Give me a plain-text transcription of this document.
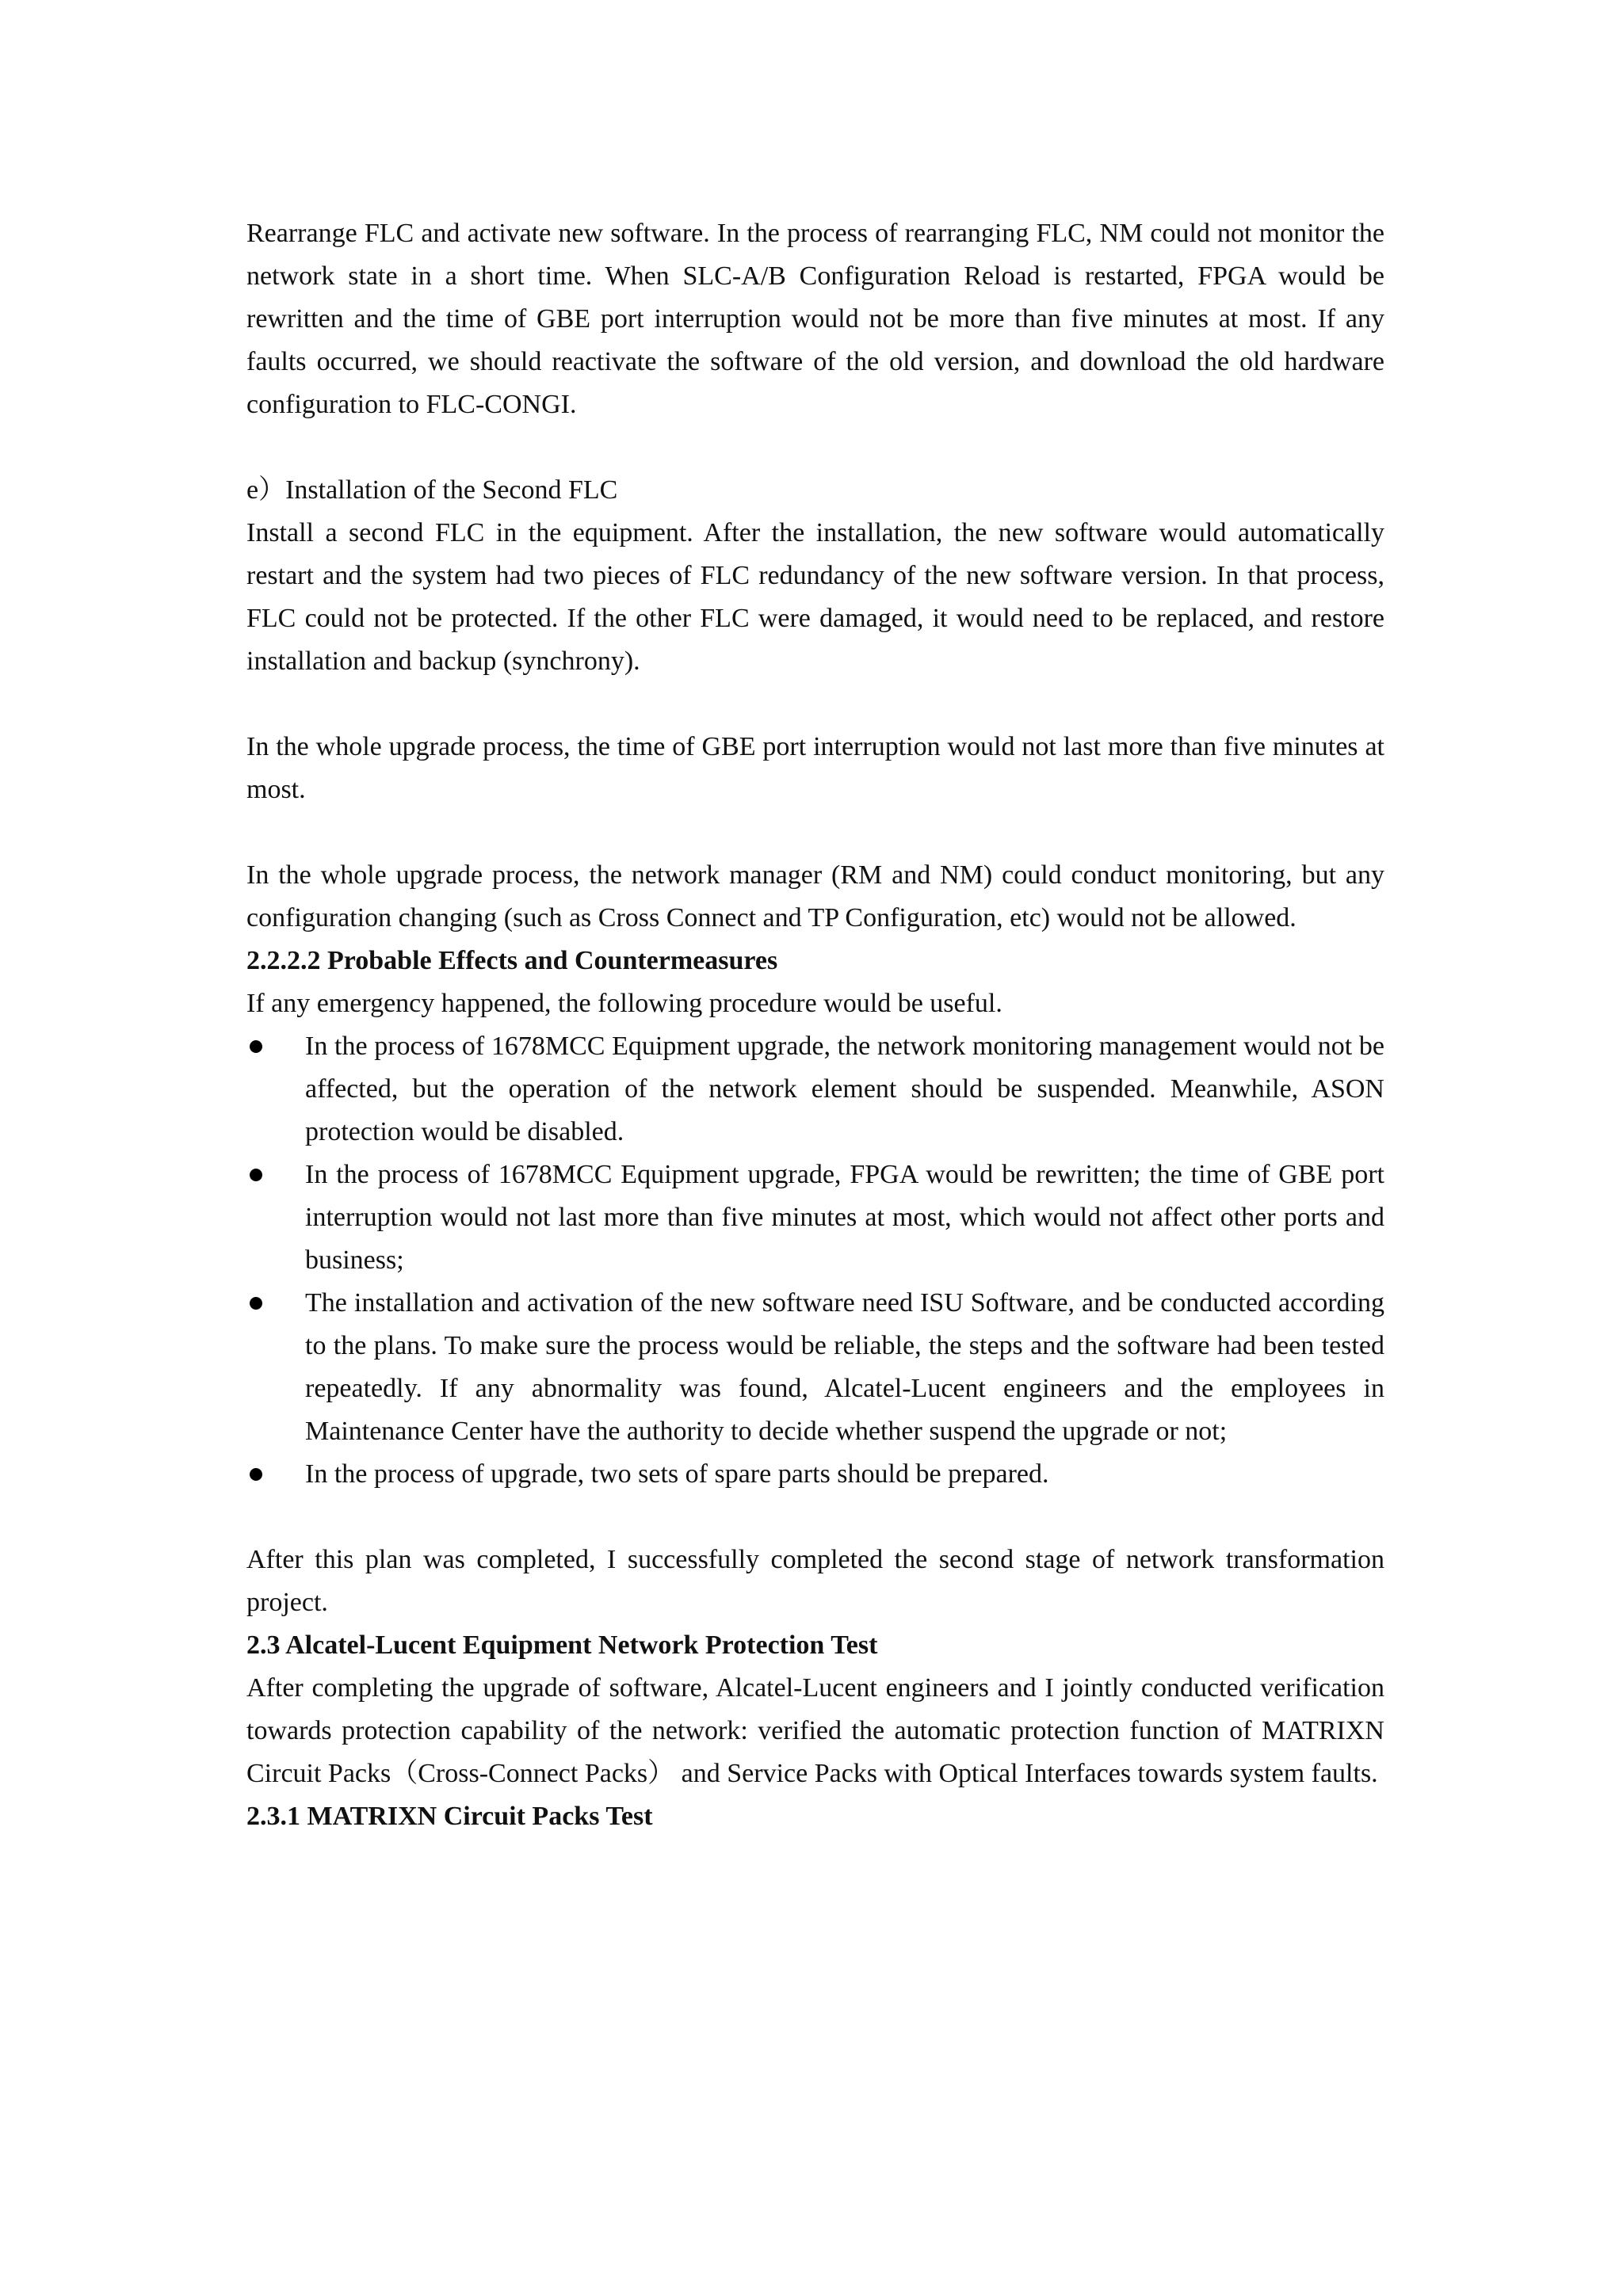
Rearrange FLC and activate new software. In the process of rearranging FLC, NM could not monitor the network state in a short time. When SLC-A/B Configuration Reload is restarted, FPGA would be rewritten and the time of GBE port interruption would not be more than five minutes at most. If any faults occurred, we should reactivate the software of the old version, and download the old hardware configuration to FLC-CONGI.

e）Installation of the Second FLC

Install a second FLC in the equipment. After the installation, the new software would automatically restart and the system had two pieces of FLC redundancy of the new software version. In that process, FLC could not be protected. If the other FLC were damaged, it would need to be replaced, and restore installation and backup (synchrony).

In the whole upgrade process, the time of GBE port interruption would not last more than five minutes at most.

In the whole upgrade process, the network manager (RM and NM) could conduct monitoring, but any configuration changing (such as Cross Connect and TP Configuration, etc) would not be allowed.

2.2.2.2 Probable Effects and Countermeasures

If any emergency happened, the following procedure would be useful.

In the process of 1678MCC Equipment upgrade, the network monitoring management would not be affected, but the operation of the network element should be suspended. Meanwhile, ASON protection would be disabled.
In the process of 1678MCC Equipment upgrade, FPGA would be rewritten; the time of GBE port interruption would not last more than five minutes at most, which would not affect other ports and business;
The installation and activation of the new software need ISU Software, and be conducted according to the plans. To make sure the process would be reliable, the steps and the software had been tested repeatedly. If any abnormality was found, Alcatel-Lucent engineers and the employees in Maintenance Center have the authority to decide whether suspend the upgrade or not;
In the process of upgrade, two sets of spare parts should be prepared.

After this plan was completed, I successfully completed the second stage of network transformation project.

2.3 Alcatel-Lucent Equipment Network Protection Test

After completing the upgrade of software, Alcatel-Lucent engineers and I jointly conducted verification towards protection capability of the network: verified the automatic protection function of MATRIXN Circuit Packs（Cross-Connect Packs） and Service Packs with Optical Interfaces towards system faults.

2.3.1 MATRIXN Circuit Packs Test
